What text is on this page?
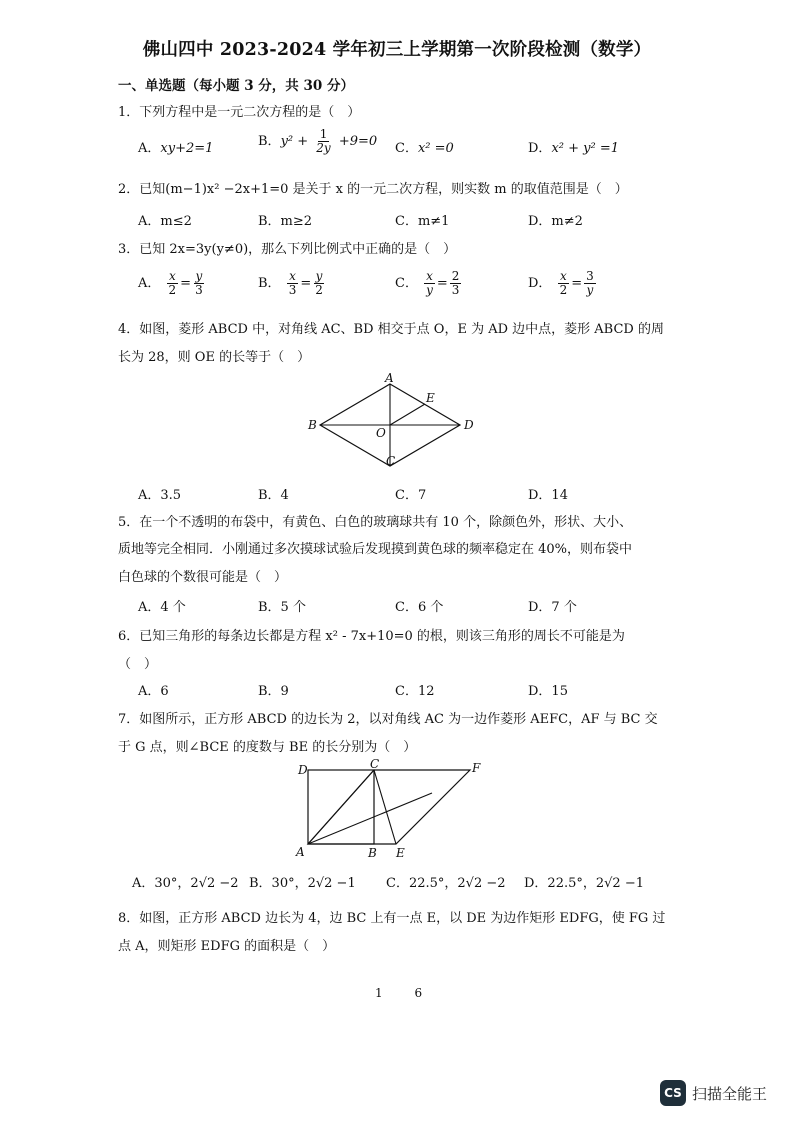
佛山四中 2023-2024 学年初三上学期第一次阶段检测（数学）
一、单选题（每小题 3 分，共 30 分）
1．下列方程中是一元二次方程的是（　）
A．xy+2=1	B．$y^2 + \frac{1}{2y} +9=0$ C．x² =0	D．x² + y² =1
2．已知(m−1)x² −2x+1=0 是关于 x 的一元二次方程，则实数 m 的取值范围是（　）
A．m≤2	B．m≥2	C．m≠1	D．m≠2
3．已知 2x=3y(y≠0)，那么下列比例式中正确的是（　）
A． $\frac{x}{2} = \frac{y}{3}$	B． $\frac{x}{3} = \frac{y}{2}$	C． $\frac{x}{y} = \frac{2}{3}$	D． $\frac{x}{2} = \frac{3}{y}$
4．如图，菱形 ABCD 中，对角线 AC、BD 相交于点 O，E 为 AD 边中点，菱形 ABCD 的周
长为 28，则 OE 的长等于（　）
A
B
C
D
E
O
A．3.5	B．4	C．7	D．14
5．在一个不透明的布袋中，有黄色、白色的玻璃球共有 10 个，除颜色外，形状、大小、
质地等完全相同．小刚通过多次摸球试验后发现摸到黄色球的频率稳定在 40%，则布袋中
白色球的个数很可能是（　）
A．4 个	B．5 个	C．6 个	D．7 个
6．已知三角形的每条边长都是方程 x² - 7x+10=0 的根，则该三角形的周长不可能是为
（　）
A．6	B．9	C．12	D．15
7．如图所示，正方形 ABCD 的边长为 2，以对角线 AC 为一边作菱形 AEFC，AF 与 BC 交
于 G 点，则∠BCE 的度数与 BE 的长分别为（　）
D	C	F
A	B E
A．30°，2√2 −2 B．30°，2√2 −1 C．22.5°，2√2 −2 D．22.5°，2√2 −1
8．如图，正方形 ABCD 边长为 4，边 BC 上有一点 E，以 DE 为边作矩形 EDFG，使 FG 过
点 A，则矩形 EDFG 的面积是（　）
1 6
CS 扫描全能王
